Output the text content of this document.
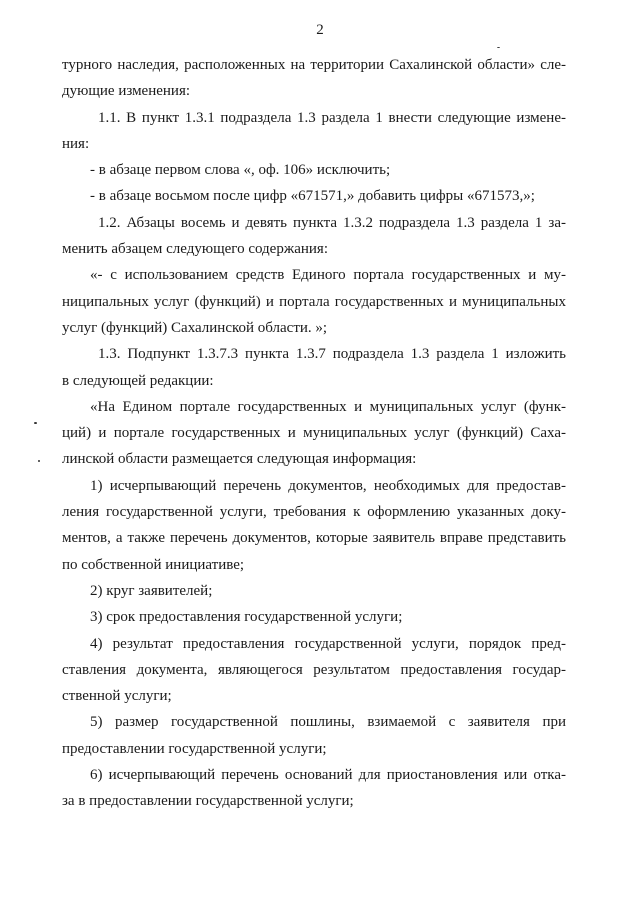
2
турного наследия, расположенных на территории Сахалинской области» сле-
дующие изменения:
1.1. В пункт 1.3.1 подраздела 1.3 раздела 1 внести следующие измене-
ния:
- в абзаце первом слова «, оф. 106» исключить;
- в абзаце восьмом после цифр «671571,» добавить цифры «671573,»;
1.2. Абзацы восемь и девять пункта 1.3.2 подраздела 1.3 раздела 1 за-
менить абзацем следующего содержания:
«- с использованием средств Единого портала государственных и му-
ниципальных услуг (функций) и портала государственных и муниципальных
услуг (функций) Сахалинской области. »;
1.3. Подпункт 1.3.7.3 пункта 1.3.7 подраздела 1.3 раздела 1 изложить
в следующей редакции:
«На Едином портале государственных и муниципальных услуг (функ-
ций) и портале государственных и муниципальных услуг (функций) Саха-
линской области размещается следующая информация:
1) исчерпывающий перечень документов, необходимых для предостав-
ления государственной услуги, требования к оформлению указанных доку-
ментов, а также перечень документов, которые заявитель вправе представить
по собственной инициативе;
2) круг заявителей;
3) срок предоставления государственной услуги;
4) результат предоставления государственной услуги, порядок пред-
ставления документа, являющегося результатом предоставления государ-
ственной услуги;
5) размер государственной пошлины, взимаемой с заявителя при
предоставлении государственной услуги;
6) исчерпывающий перечень оснований для приостановления или отка-
за в предоставлении государственной услуги;
